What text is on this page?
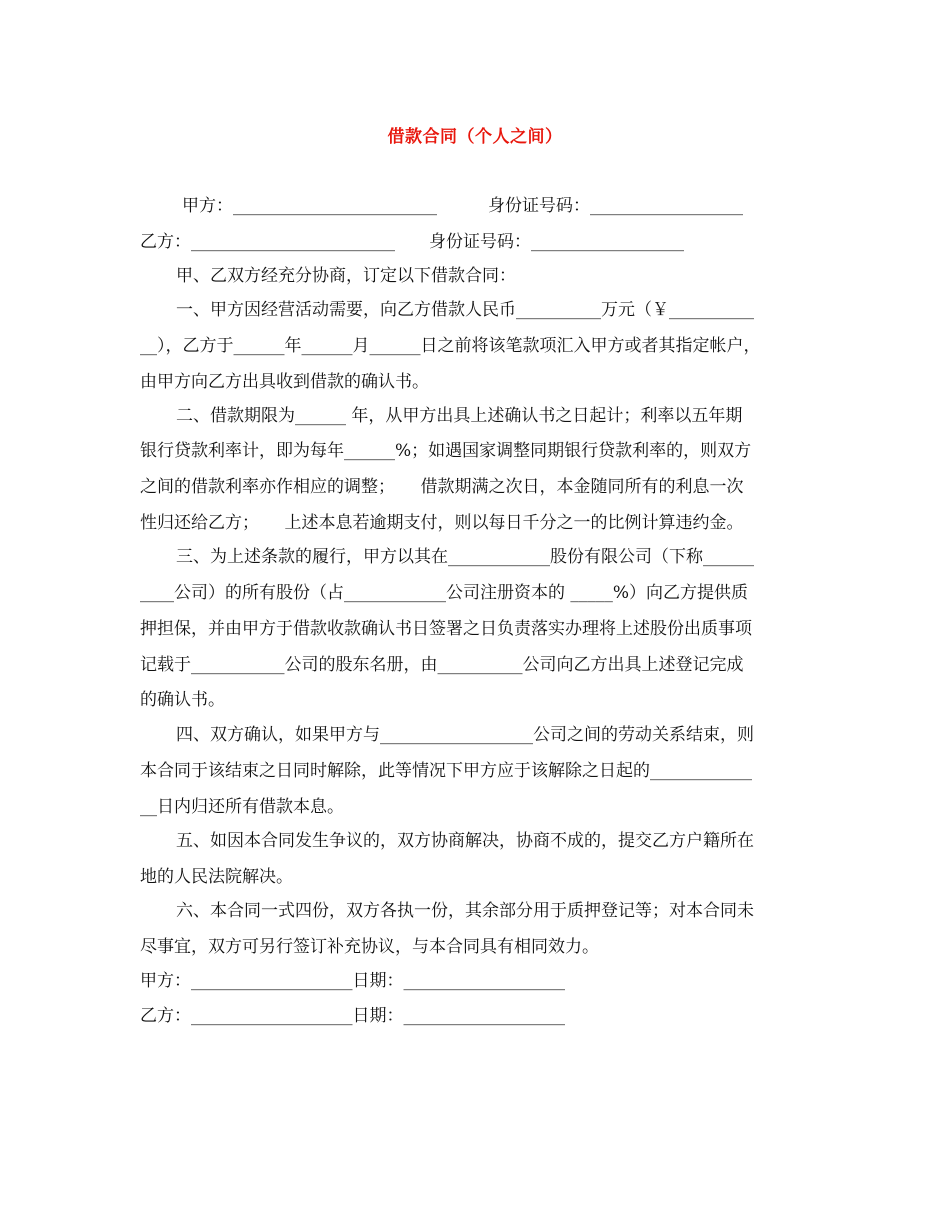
借款合同（个人之间）
甲方：________________________　　　身份证号码：__________________
乙方：________________________　　身份证号码：__________________
甲、乙双方经充分协商，订定以下借款合同：
一、甲方因经营活动需要，向乙方借款人民币__________万元（￥__________
__），乙方于______年______月______日之前将该笔款项汇入甲方或者其指定帐户，
由甲方向乙方出具收到借款的确认书。
二、借款期限为______ 年，从甲方出具上述确认书之日起计；利率以五年期
银行贷款利率计，即为每年______%；如遇国家调整同期银行贷款利率的，则双方
之间的借款利率亦作相应的调整；　　借款期满之次日，本金随同所有的利息一次
性归还给乙方；　　上述本息若逾期支付，则以每日千分之一的比例计算违约金。
三、为上述条款的履行，甲方以其在____________股份有限公司（下称______
____公司）的所有股份（占____________公司注册资本的 _____%）向乙方提供质
押担保，并由甲方于借款收款确认书日签署之日负责落实办理将上述股份出质事项
记载于___________公司的股东名册，由__________公司向乙方出具上述登记完成
的确认书。
四、双方确认，如果甲方与__________________公司之间的劳动关系结束，则
本合同于该结束之日同时解除，此等情况下甲方应于该解除之日起的____________
__日内归还所有借款本息。
五、如因本合同发生争议的，双方协商解决，协商不成的，提交乙方户籍所在
地的人民法院解决。
六、本合同一式四份，双方各执一份，其余部分用于质押登记等；对本合同未
尽事宜，双方可另行签订补充协议，与本合同具有相同效力。
甲方：___________________日期：___________________
乙方：___________________日期：___________________
